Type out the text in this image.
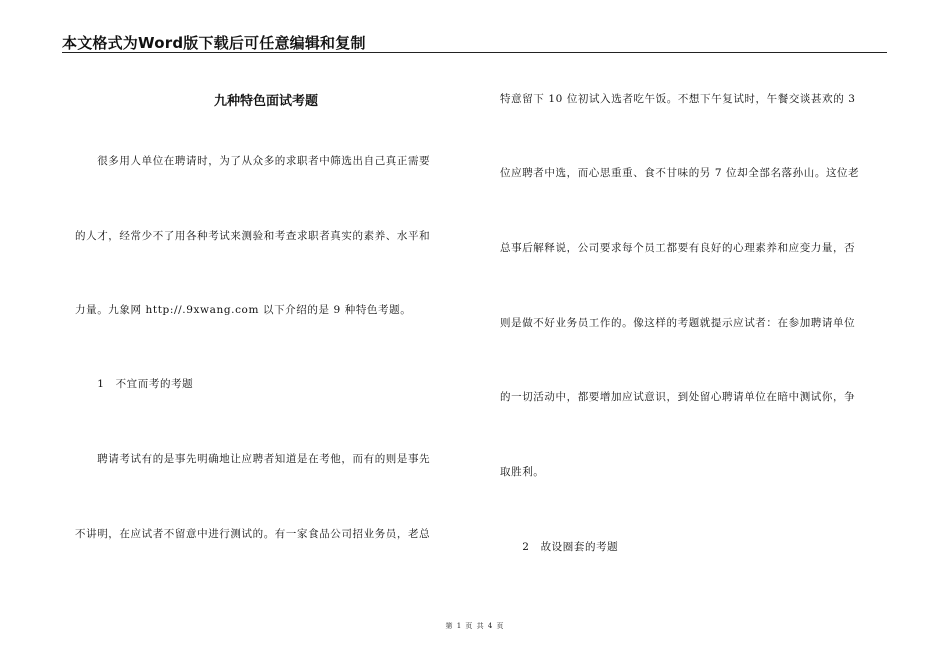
本文格式为Word版下载后可任意编辑和复制
九种特色面试考题
　　很多用人单位在聘请时，为了从众多的求职者中筛选出自己真正需要
的人才，经常少不了用各种考试来测验和考查求职者真实的素养、水平和
力量。九象网 http://.9xwang.com 以下介绍的是 9 种特色考题。
　　1　不宜而考的考题
　　聘请考试有的是事先明确地让应聘者知道是在考他，而有的则是事先
不讲明，在应试者不留意中进行测试的。有一家食品公司招业务员，老总
特意留下 10 位初试入选者吃午饭。不想下午复试时，午餐交谈甚欢的 3
位应聘者中选，而心思重重、食不甘味的另 7 位却全部名落孙山。这位老
总事后解释说，公司要求每个员工都要有良好的心理素养和应变力量，否
则是做不好业务员工作的。像这样的考题就提示应试者：在参加聘请单位
的一切活动中，都要增加应试意识，到处留心聘请单位在暗中测试你，争
取胜利。
　　2　故设圈套的考题
第 1 页 共 4 页
